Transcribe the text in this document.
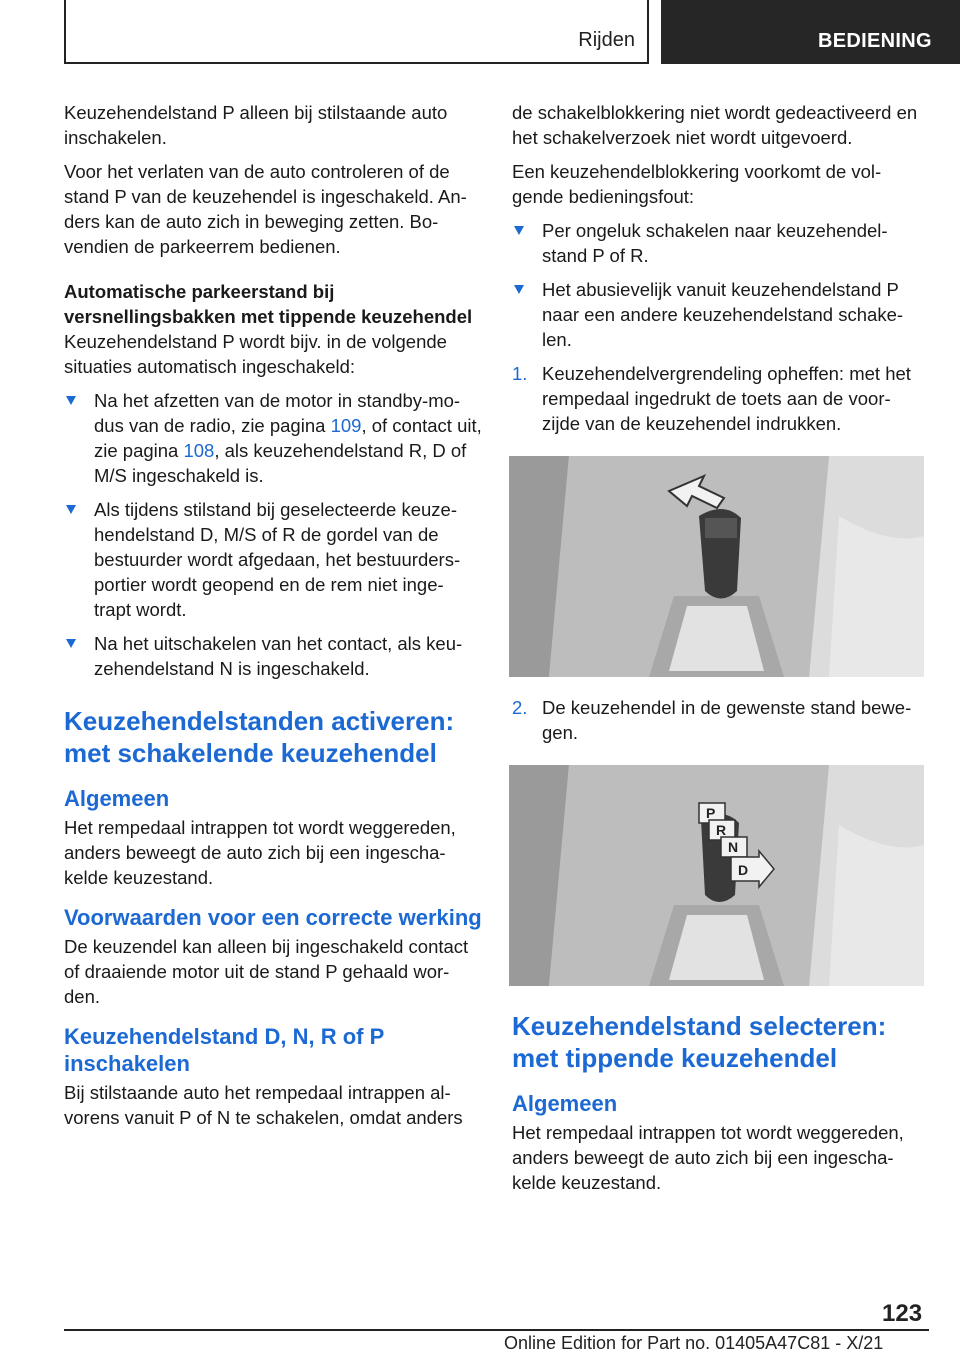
Rijden	BEDIENING

Keuzehendelstand P alleen bij stilstaande auto inschakelen.

Voor het verlaten van de auto controleren of de stand P van de keuzehendel is ingeschakeld. An- ders kan de auto zich in beweging zetten. Bo- vendien de parkeerrem bedienen.

Automatische parkeerstand bij versnellingsbakken met tippende keuzehendel

Keuzehendelstand P wordt bijv. in de volgende situaties automatisch ingeschakeld:

Na het afzetten van de motor in standby-mo- dus van de radio, zie pagina 109, of contact uit, zie pagina 108, als keuzehendelstand R, D of M/S ingeschakeld is.
Als tijdens stilstand bij geselecteerde keuze- hendelstand D, M/S of R de gordel van de bestuurder wordt afgedaan, het bestuurders- portier wordt geopend en de rem niet inge- trapt wordt.
Na het uitschakelen van het contact, als keu- zehendelstand N is ingeschakeld.
Keuzehendelstanden activeren: met schakelende keuzehendel
Algemeen

Het rempedaal intrappen tot wordt weggereden, anders beweegt de auto zich bij een ingescha- kelde keuzestand.

Voorwaarden voor een correcte werking

De keuzendel kan alleen bij ingeschakeld contact of draaiende motor uit de stand P gehaald wor- den.

Keuzehendelstand D, N, R of P inschakelen

Bij stilstaande auto het rempedaal intrappen al- vorens vanuit P of N te schakelen, omdat anders

de schakelblokkering niet wordt gedeactiveerd en het schakelverzoek niet wordt uitgevoerd.

Een keuzehendelblokkering voorkomt de vol- gende bedieningsfout:

Per ongeluk schakelen naar keuzehendel- stand P of R.
Het abusievelijk vanuit keuzehendelstand P naar een andere keuzehendelstand schake- len.
1. Keuzehendelvergrendeling opheffen: met het rempedaal ingedrukt de toets aan de voor- zijde van de keuzehendel indrukken.
2. De keuzehendel in de gewenste stand bewe- gen.
P
R
N
D
Keuzehendelstand selecteren: met tippende keuzehendel
Algemeen

Het rempedaal intrappen tot wordt weggereden, anders beweegt de auto zich bij een ingescha- kelde keuzestand.

123
Online Edition for Part no. 01405A47C81 - X/21
